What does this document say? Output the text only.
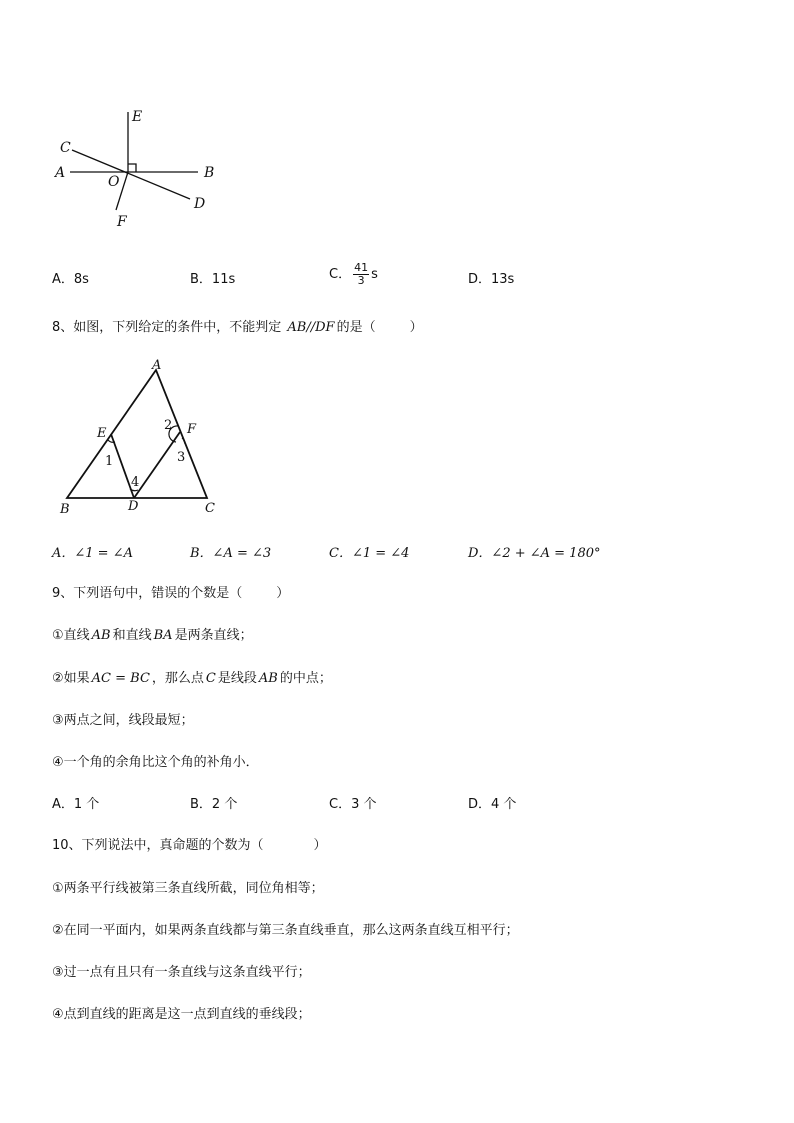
E
C
A
O
B
D
F
A．8s	B．11s	C． $\frac{41}{3}$ s	D．13s
8、如图，下列给定的条件中，不能判定 AB//DF 的是（	）
A
E	F
B	D	C
1
2
3
4
A．∠1 = ∠A	B．∠A = ∠3	C．∠1 = ∠4	D．∠2 + ∠A = 180°
9、下列语句中，错误的个数是（	）
①直线 AB 和直线 BA 是两条直线；
②如果 AC = BC ，那么点 C 是线段 AB 的中点；
③两点之间，线段最短；
④一个角的余角比这个角的补角小．
A．1 个	B．2 个	C．3 个	D．4 个
10、下列说法中，真命题的个数为（	）
①两条平行线被第三条直线所截，同位角相等；
②在同一平面内，如果两条直线都与第三条直线垂直，那么这两条直线互相平行；
③过一点有且只有一条直线与这条直线平行；
④点到直线的距离是这一点到直线的垂线段；
